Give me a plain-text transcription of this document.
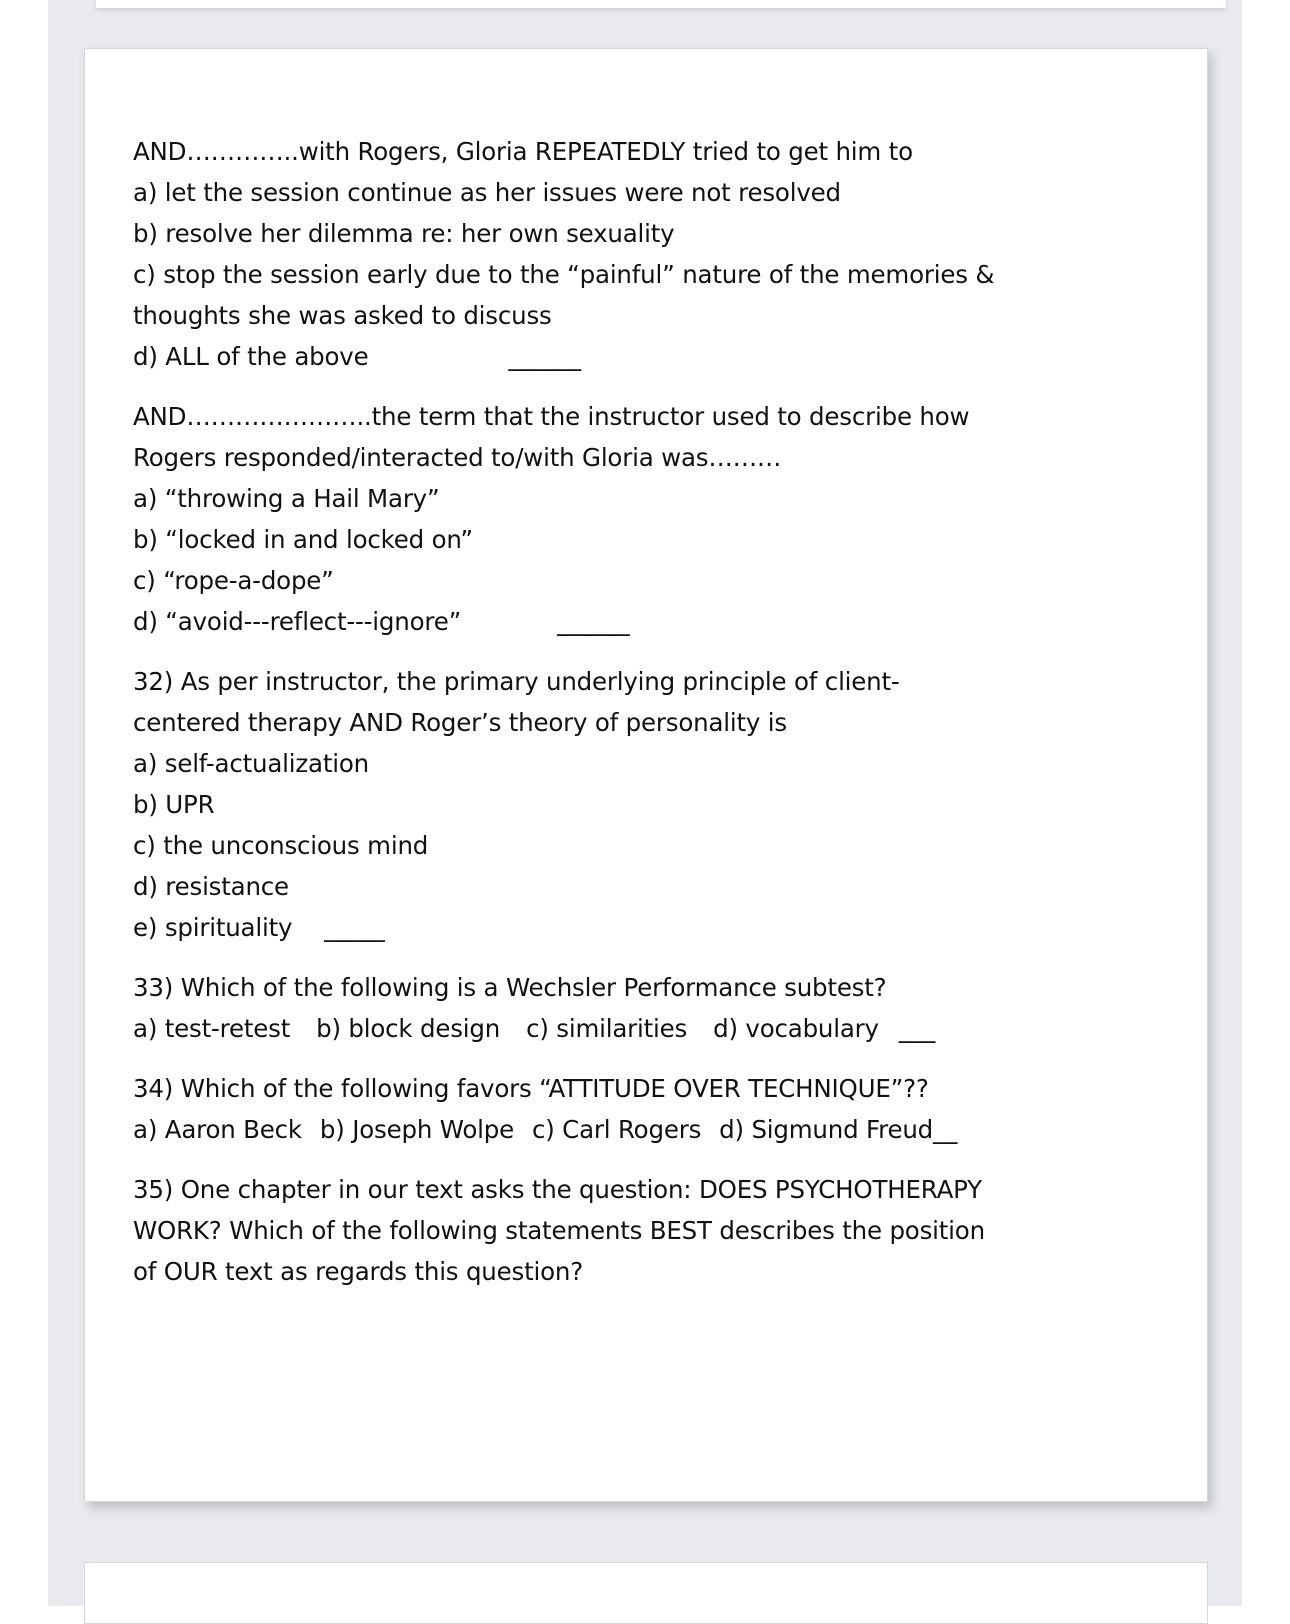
AND…………..with Rogers, Gloria REPEATEDLY tried to get him to
a) let the session continue as her issues were not resolved
b) resolve her dilemma re: her own sexuality
c) stop the session early due to the “painful” nature of the memories &
thoughts she was asked to discuss
d) ALL of the above	______
AND…………………..the term that the instructor used to describe how
Rogers responded/interacted to/with Gloria was………
a) “throwing a Hail Mary”
b) “locked in and locked on”
c) “rope-a-dope”
d) “avoid---reflect---ignore”	______
32) As per instructor, the primary underlying principle of client-
centered therapy AND Roger’s theory of personality is
a) self-actualization
b) UPR
c) the unconscious mind
d) resistance
e) spirituality _____
33) Which of the following is a Wechsler Performance subtest?
a) test-retest b) block design c) similarities d) vocabulary ___
34) Which of the following favors “ATTITUDE OVER TECHNIQUE”??
a) Aaron Beck b) Joseph Wolpe c) Carl Rogers d) Sigmund Freud__
35) One chapter in our text asks the question: DOES PSYCHOTHERAPY
WORK? Which of the following statements BEST describes the position
of OUR text as regards this question?
